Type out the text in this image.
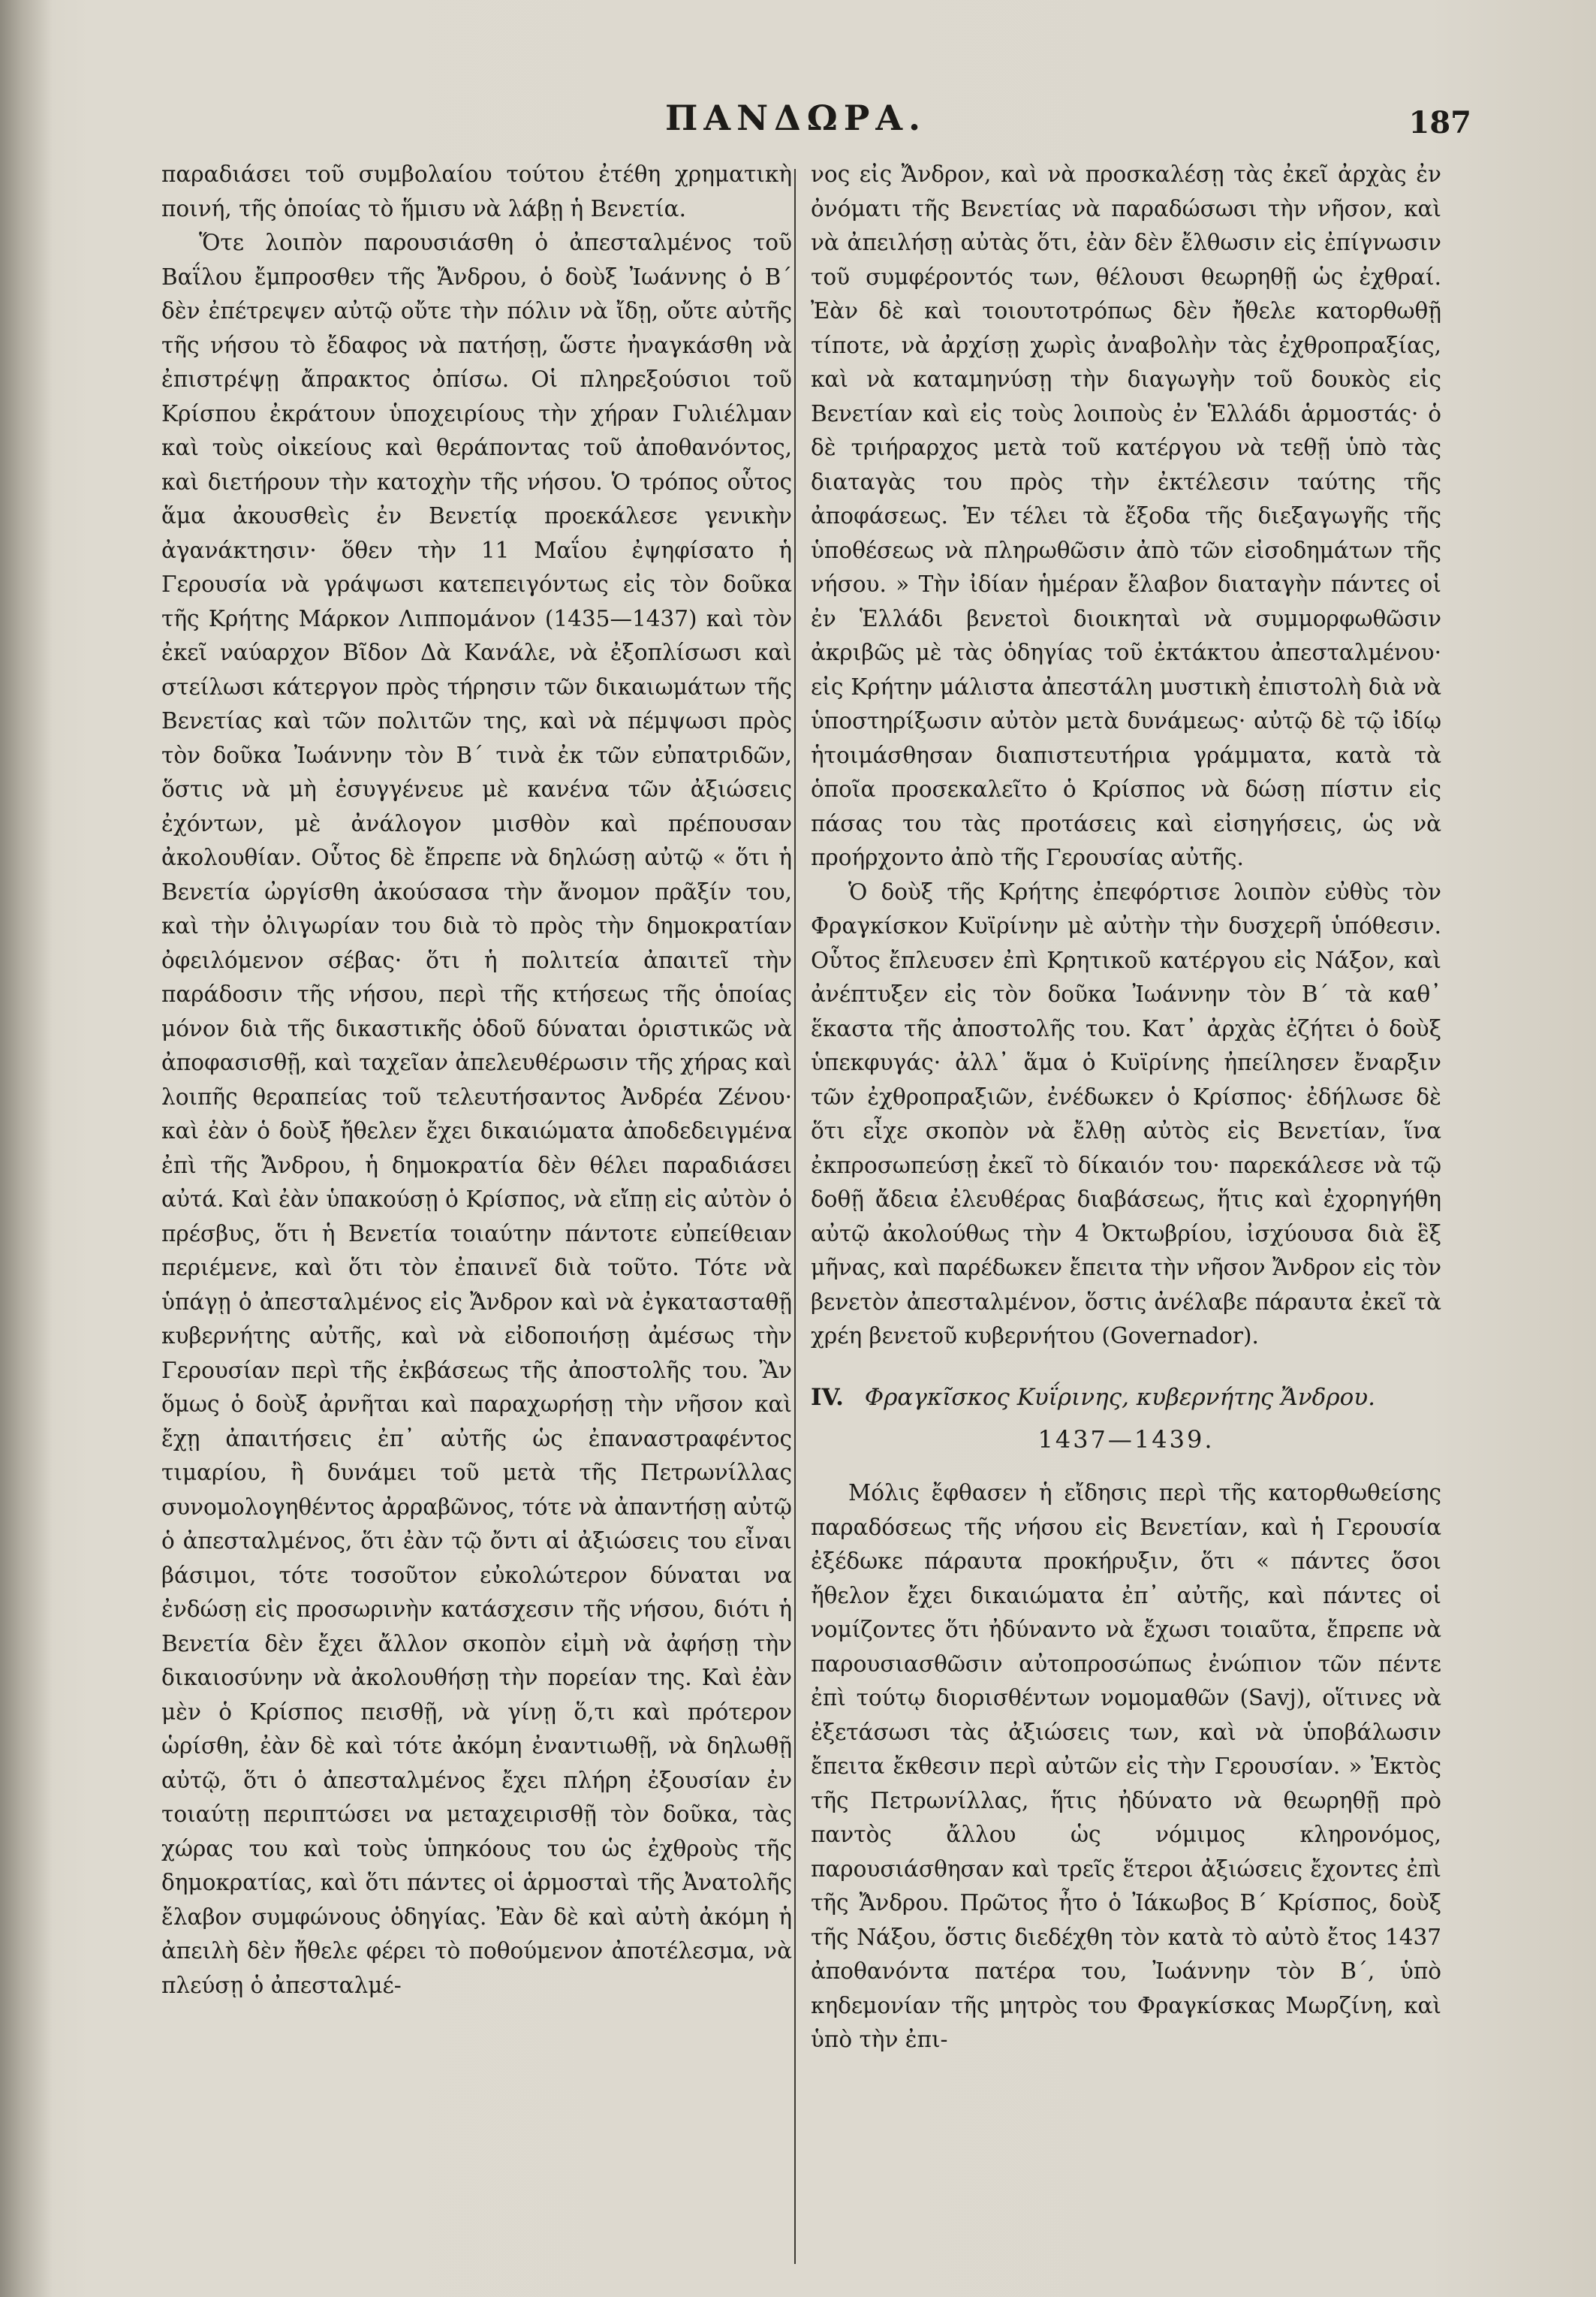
ΠΑΝΔΩΡΑ.	187

παραδιάσει τοῦ συμβολαίου τούτου ἐτέθη χρηματικὴ ποινή, τῆς ὁποίας τὸ ἥμισυ νὰ λάβῃ ἡ Βενετία.

Ὅτε λοιπὸν παρουσιάσθη ὁ ἀπεσταλμένος τοῦ Βαΐλου ἔμπροσθεν τῆς Ἄνδρου, ὁ δοὺξ Ἰωάννης ὁ Β΄ δὲν ἐπέτρεψεν αὐτῷ οὔτε τὴν πόλιν νὰ ἴδῃ, οὔτε αὐτῆς τῆς νήσου τὸ ἔδαφος νὰ πατήσῃ, ὥστε ἠναγκάσθη νὰ ἐπιστρέψῃ ἄπρακτος ὀπίσω. Οἱ πληρεξούσιοι τοῦ Κρίσπου ἐκράτουν ὑποχειρίους τὴν χήραν Γυλιέλμαν καὶ τοὺς οἰκείους καὶ θεράποντας τοῦ ἀποθανόντος, καὶ διετήρουν τὴν κατοχὴν τῆς νήσου. Ὁ τρόπος οὗτος ἅμα ἀκουσθεὶς ἐν Βενετίᾳ προεκάλεσε γενικὴν ἀγανάκτησιν· ὅθεν τὴν 11 Μαΐου ἐψηφίσατο ἡ Γερουσία νὰ γράψωσι κατεπειγόντως εἰς τὸν δοῦκα τῆς Κρήτης Μάρκον Λιππομάνον (1435—1437) καὶ τὸν ἐκεῖ ναύαρχον Βῖδον Δὰ Κανάλε, νὰ ἐξοπλίσωσι καὶ στείλωσι κάτεργον πρὸς τήρησιν τῶν δικαιωμάτων τῆς Βενετίας καὶ τῶν πολιτῶν της, καὶ νὰ πέμψωσι πρὸς τὸν δοῦκα Ἰωάννην τὸν Β΄ τινὰ ἐκ τῶν εὐπατριδῶν, ὅστις νὰ μὴ ἐσυγγένευε μὲ κανένα τῶν ἀξιώσεις ἐχόντων, μὲ ἀνάλογον μισθὸν καὶ πρέπουσαν ἀκολουθίαν. Οὗτος δὲ ἔπρεπε νὰ δηλώσῃ αὐτῷ « ὅτι ἡ Βενετία ὠργίσθη ἀκούσασα τὴν ἄνομον πρᾶξίν του, καὶ τὴν ὀλιγωρίαν του διὰ τὸ πρὸς τὴν δημοκρατίαν ὀφειλόμενον σέβας· ὅτι ἡ πολιτεία ἀπαιτεῖ τὴν παράδοσιν τῆς νήσου, περὶ τῆς κτήσεως τῆς ὁποίας μόνον διὰ τῆς δικαστικῆς ὁδοῦ δύναται ὁριστικῶς νὰ ἀποφασισθῇ, καὶ ταχεῖαν ἀπελευθέρωσιν τῆς χήρας καὶ λοιπῆς θεραπείας τοῦ τελευτήσαντος Ἀνδρέα Ζένου· καὶ ἐὰν ὁ δοὺξ ἤθελεν ἔχει δικαιώματα ἀποδεδειγμένα ἐπὶ τῆς Ἄνδρου, ἡ δημοκρατία δὲν θέλει παραδιάσει αὐτά. Καὶ ἐὰν ὑπακούσῃ ὁ Κρίσπος, νὰ εἴπῃ εἰς αὐτὸν ὁ πρέσβυς, ὅτι ἡ Βενετία τοιαύτην πάντοτε εὐπείθειαν περιέμενε, καὶ ὅτι τὸν ἐπαινεῖ διὰ τοῦτο. Τότε νὰ ὑπάγῃ ὁ ἀπεσταλμένος εἰς Ἄνδρον καὶ νὰ ἐγκατασταθῇ κυβερνήτης αὐτῆς, καὶ νὰ εἰδοποιήσῃ ἀμέσως τὴν Γερουσίαν περὶ τῆς ἐκβάσεως τῆς ἀποστολῆς του. Ἂν ὅμως ὁ δοὺξ ἀρνῆται καὶ παραχωρήσῃ τὴν νῆσον καὶ ἔχῃ ἀπαιτήσεις ἐπ᾽ αὐτῆς ὡς ἐπαναστραφέντος τιμαρίου, ἢ δυνάμει τοῦ μετὰ τῆς Πετρωνίλλας συνομολογηθέντος ἀρραβῶνος, τότε νὰ ἀπαντήσῃ αὐτῷ ὁ ἀπεσταλμένος, ὅτι ἐὰν τῷ ὄντι αἱ ἀξιώσεις του εἶναι βάσιμοι, τότε τοσοῦτον εὐκολώτερον δύναται να ἐνδώσῃ εἰς προσωρινὴν κατάσχεσιν τῆς νήσου, διότι ἡ Βενετία δὲν ἔχει ἄλλον σκοπὸν εἰμὴ νὰ ἀφήσῃ τὴν δικαιοσύνην νὰ ἀκολουθήσῃ τὴν πορείαν της. Καὶ ἐὰν μὲν ὁ Κρίσπος πεισθῇ, νὰ γίνῃ ὅ,τι καὶ πρότερον ὡρίσθη, ἐὰν δὲ καὶ τότε ἀκόμη ἐναντιωθῇ, νὰ δηλωθῇ αὐτῷ, ὅτι ὁ ἀπεσταλμένος ἔχει πλήρη ἐξουσίαν ἐν τοιαύτῃ περιπτώσει να μεταχειρισθῇ τὸν δοῦκα, τὰς χώρας του καὶ τοὺς ὑπηκόους του ὡς ἐχθροὺς τῆς δημοκρατίας, καὶ ὅτι πάντες οἱ ἁρμοσταὶ τῆς Ἀνατολῆς ἔλαβον συμφώνους ὁδηγίας. Ἐὰν δὲ καὶ αὐτὴ ἀκόμη ἡ ἀπειλὴ δὲν ἤθελε φέρει τὸ ποθούμενον ἀποτέλεσμα, νὰ πλεύσῃ ὁ ἀπεσταλμέ-

νος εἰς Ἄνδρον, καὶ νὰ προσκαλέσῃ τὰς ἐκεῖ ἀρχὰς ἐν ὀνόματι τῆς Βενετίας νὰ παραδώσωσι τὴν νῆσον, καὶ νὰ ἀπειλήσῃ αὐτὰς ὅτι, ἐὰν δὲν ἔλθωσιν εἰς ἐπίγνωσιν τοῦ συμφέροντός των, θέλουσι θεωρηθῇ ὡς ἐχθραί. Ἐὰν δὲ καὶ τοιουτοτρόπως δὲν ἤθελε κατορθωθῇ τίποτε, νὰ ἀρχίσῃ χωρὶς ἀναβολὴν τὰς ἐχθροπραξίας, καὶ νὰ καταμηνύσῃ τὴν διαγωγὴν τοῦ δουκὸς εἰς Βενετίαν καὶ εἰς τοὺς λοιποὺς ἐν Ἑλλάδι ἁρμοστάς· ὁ δὲ τριήραρχος μετὰ τοῦ κατέργου νὰ τεθῇ ὑπὸ τὰς διαταγὰς του πρὸς τὴν ἐκτέλεσιν ταύτης τῆς ἀποφάσεως. Ἐν τέλει τὰ ἔξοδα τῆς διεξαγωγῆς τῆς ὑποθέσεως νὰ πληρωθῶσιν ἀπὸ τῶν εἰσοδημάτων τῆς νήσου. » Τὴν ἰδίαν ἡμέραν ἔλαβον διαταγὴν πάντες οἱ ἐν Ἑλλάδι βενετοὶ διοικηταὶ νὰ συμμορφωθῶσιν ἀκριβῶς μὲ τὰς ὁδηγίας τοῦ ἐκτάκτου ἀπεσταλμένου· εἰς Κρήτην μάλιστα ἀπεστάλη μυστικὴ ἐπιστολὴ διὰ νὰ ὑποστηρίξωσιν αὐτὸν μετὰ δυνάμεως· αὐτῷ δὲ τῷ ἰδίῳ ἡτοιμάσθησαν διαπιστευτήρια γράμματα, κατὰ τὰ ὁποῖα προσεκαλεῖτο ὁ Κρίσπος νὰ δώσῃ πίστιν εἰς πάσας του τὰς προτάσεις καὶ εἰσηγήσεις, ὡς νὰ προήρχοντο ἀπὸ τῆς Γερουσίας αὐτῆς.

Ὁ δοὺξ τῆς Κρήτης ἐπεφόρτισε λοιπὸν εὐθὺς τὸν Φραγκίσκον Κυϊρίνην μὲ αὐτὴν τὴν δυσχερῆ ὑπόθεσιν. Οὗτος ἔπλευσεν ἐπὶ Κρητικοῦ κατέργου εἰς Νάξον, καὶ ἀνέπτυξεν εἰς τὸν δοῦκα Ἰωάννην τὸν Β΄ τὰ καθ᾽ ἕκαστα τῆς ἀποστολῆς του. Κατ᾽ ἀρχὰς ἐζήτει ὁ δοὺξ ὑπεκφυγάς· ἀλλ᾽ ἅμα ὁ Κυϊρίνης ἠπείλησεν ἔναρξιν τῶν ἐχθροπραξιῶν, ἐνέδωκεν ὁ Κρίσπος· ἐδήλωσε δὲ ὅτι εἶχε σκοπὸν νὰ ἔλθῃ αὐτὸς εἰς Βενετίαν, ἵνα ἐκπροσωπεύσῃ ἐκεῖ τὸ δίκαιόν του· παρεκάλεσε νὰ τῷ δοθῇ ἄδεια ἐλευθέρας διαβάσεως, ἥτις καὶ ἐχορηγήθη αὐτῷ ἀκολούθως τὴν 4 Ὀκτωβρίου, ἰσχύουσα διὰ ἓξ μῆνας, καὶ παρέδωκεν ἔπειτα τὴν νῆσον Ἄνδρον εἰς τὸν βενετὸν ἀπεσταλμένον, ὅστις ἀνέλαβε πάραυτα ἐκεῖ τὰ χρέη βενετοῦ κυβερνήτου (Governador).

IV. Φραγκῖσκος Κυΐρινης, κυβερνήτης Ἄνδρου.

1437—1439.

Μόλις ἔφθασεν ἡ εἴδησις περὶ τῆς κατορθωθείσης παραδόσεως τῆς νήσου εἰς Βενετίαν, καὶ ἡ Γερουσία ἐξέδωκε πάραυτα προκήρυξιν, ὅτι « πάντες ὅσοι ἤθελον ἔχει δικαιώματα ἐπ᾽ αὐτῆς, καὶ πάντες οἱ νομίζοντες ὅτι ἠδύναντο νὰ ἔχωσι τοιαῦτα, ἔπρεπε νὰ παρουσιασθῶσιν αὐτοπροσώπως ἐνώπιον τῶν πέντε ἐπὶ τούτῳ διορισθέντων νομομαθῶν (Savj), οἵτινες νὰ ἐξετάσωσι τὰς ἀξιώσεις των, καὶ νὰ ὑποβάλωσιν ἔπειτα ἔκθεσιν περὶ αὐτῶν εἰς τὴν Γερουσίαν. » Ἐκτὸς τῆς Πετρωνίλλας, ἥτις ἠδύνατο νὰ θεωρηθῇ πρὸ παντὸς ἄλλου ὡς νόμιμος κληρονόμος, παρουσιάσθησαν καὶ τρεῖς ἕτεροι ἀξιώσεις ἔχοντες ἐπὶ τῆς Ἄνδρου. Πρῶτος ἦτο ὁ Ἰάκωβος Β΄ Κρίσπος, δοὺξ τῆς Νάξου, ὅστις διεδέχθη τὸν κατὰ τὸ αὐτὸ ἔτος 1437 ἀποθανόντα πατέρα του, Ἰωάννην τὸν Β΄, ὑπὸ κηδεμονίαν τῆς μητρὸς του Φραγκίσκας Μωρζίνη, καὶ ὑπὸ τὴν ἐπι-
